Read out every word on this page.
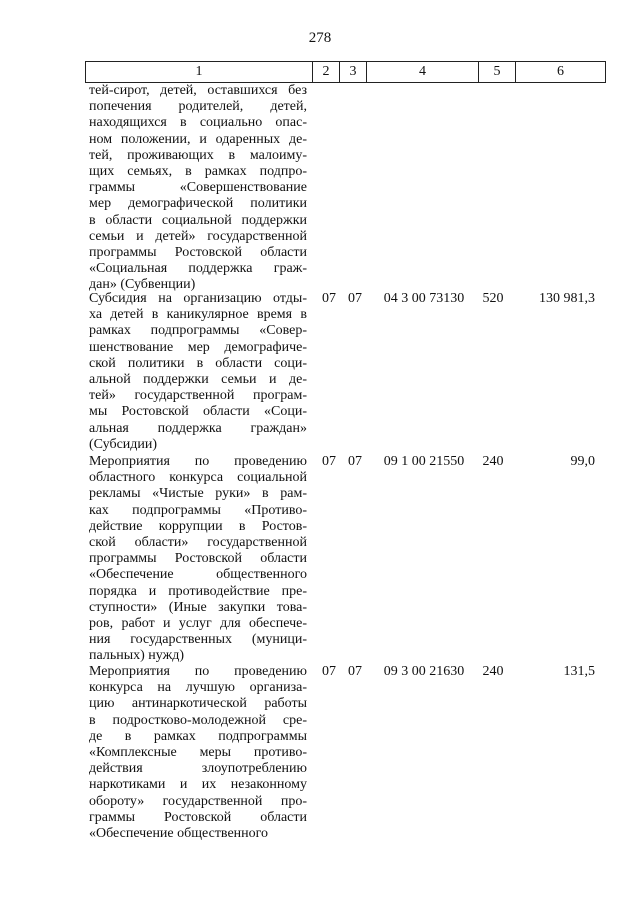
278
1	2	3	4	5	6
тей-сирот, детей, оставшихся без
попечения родителей, детей,
находящихся в социально опас-
ном положении, и одаренных де-
тей, проживающих в малоиму-
щих семьях, в рамках подпро-
граммы «Совершенствование
мер демографической политики
в области социальной поддержки
семьи и детей» государственной
программы Ростовской области
«Социальная поддержка граж-
дан» (Субвенции)
Субсидия на организацию отды-
ха детей в каникулярное время в
рамках подпрограммы «Совер-
шенствование мер демографиче-
ской политики в области соци-
альной поддержки семьи и де-
тей» государственной програм-
мы Ростовской области «Соци-
альная поддержка граждан»
(Субсидии)
07 07	04 3 00 73130	520	130 981,3
Мероприятия по проведению
областного конкурса социальной
рекламы «Чистые руки» в рам-
ках подпрограммы «Противо-
действие коррупции в Ростов-
ской области» государственной
программы Ростовской области
«Обеспечение общественного
порядка и противодействие пре-
ступности» (Иные закупки това-
ров, работ и услуг для обеспече-
ния государственных (муници-
пальных) нужд)
07 07	09 1 00 21550	240	99,0
Мероприятия по проведению
конкурса на лучшую организа-
цию антинаркотической работы
в подростково-молодежной сре-
де в рамках подпрограммы
«Комплексные меры противо-
действия злоупотреблению
наркотиками и их незаконному
обороту» государственной про-
граммы Ростовской области
«Обеспечение общественного
07 07	09 3 00 21630	240	131,5
